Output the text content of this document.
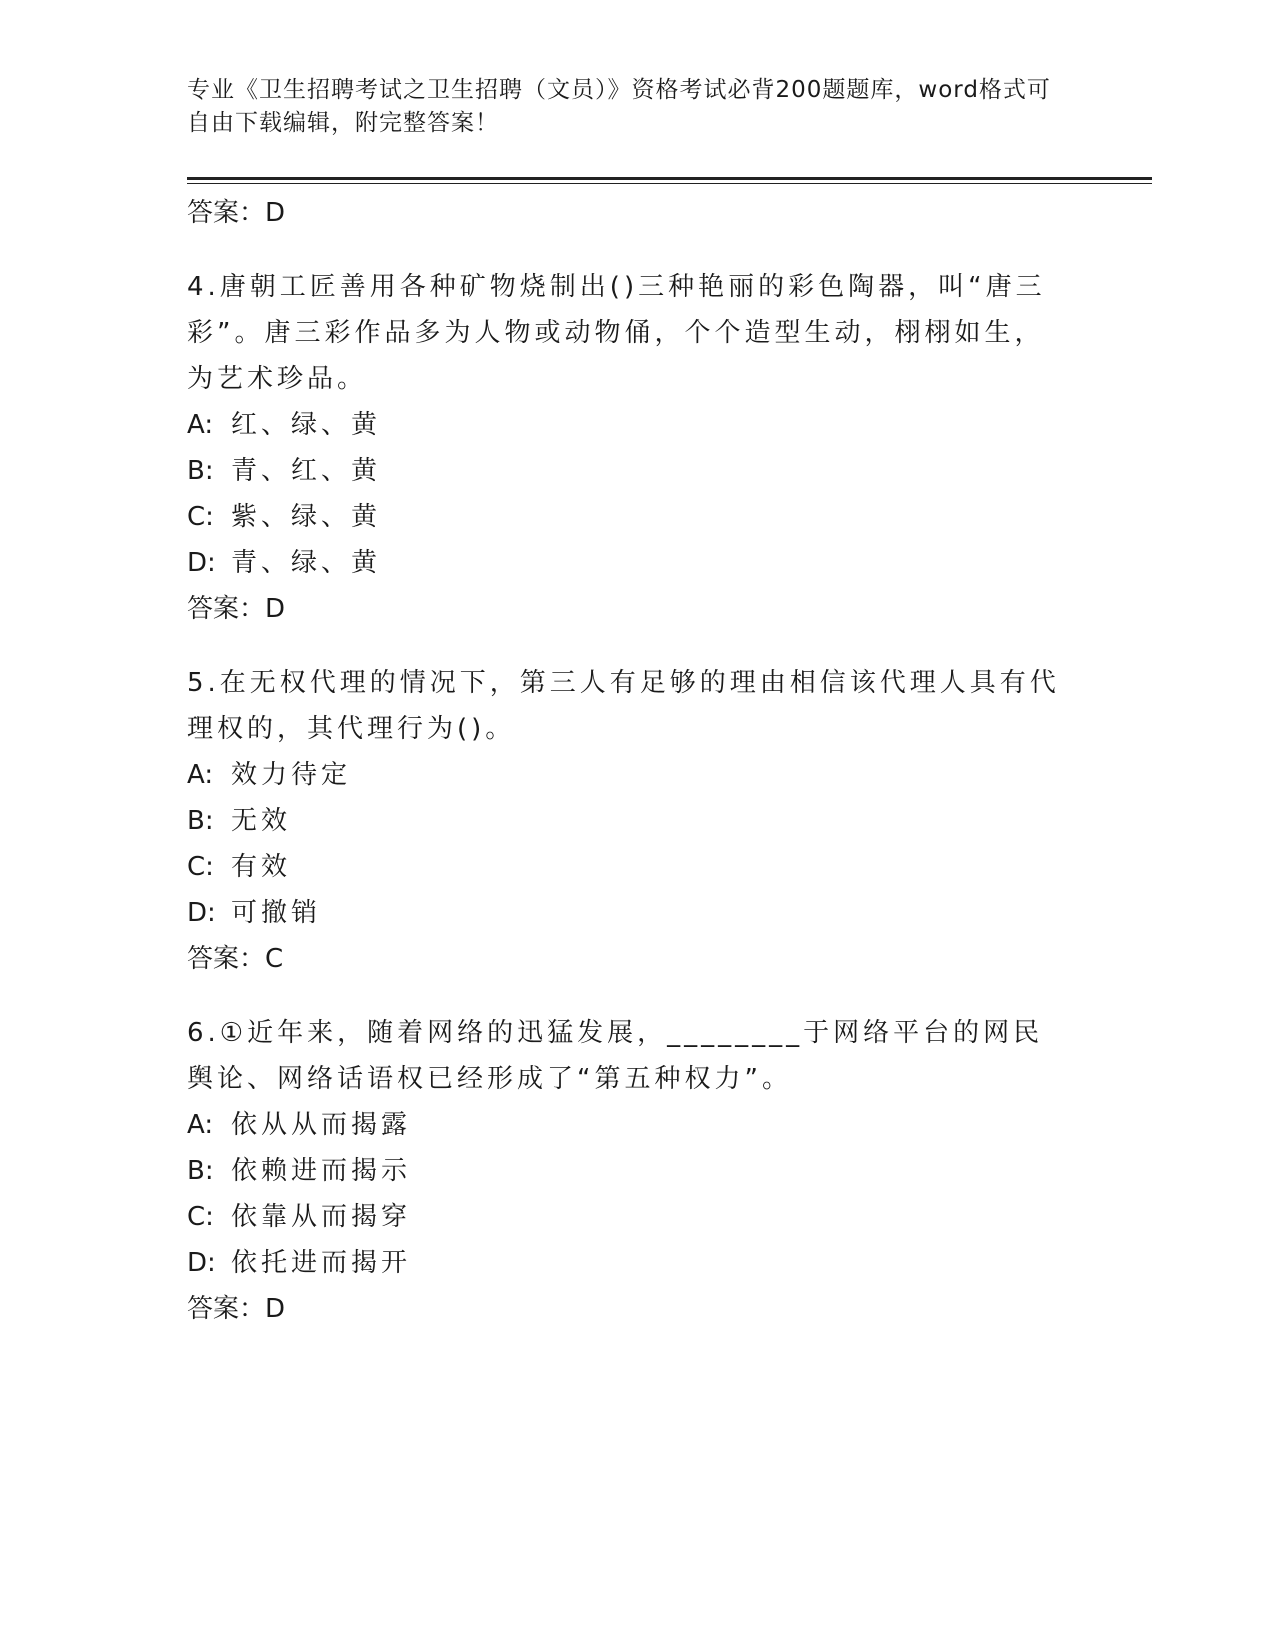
专业《卫生招聘考试之卫生招聘（文员）》资格考试必背200题题库，word格式可自由下载编辑，附完整答案！
答案：D
4.唐朝工匠善用各种矿物烧制出()三种艳丽的彩色陶器，叫“唐三彩”。唐三彩作品多为人物或动物俑，个个造型生动，栩栩如生，为艺术珍品。
A: 红、绿、黄
B: 青、红、黄
C: 紫、绿、黄
D: 青、绿、黄
答案：D
5.在无权代理的情况下，第三人有足够的理由相信该代理人具有代理权的，其代理行为()。
A: 效力待定
B: 无效
C: 有效
D: 可撤销
答案：C
6.①近年来，随着网络的迅猛发展，________于网络平台的网民舆论、网络话语权已经形成了“第五种权力”。
A: 依从从而揭露
B: 依赖进而揭示
C: 依靠从而揭穿
D: 依托进而揭开
答案：D
